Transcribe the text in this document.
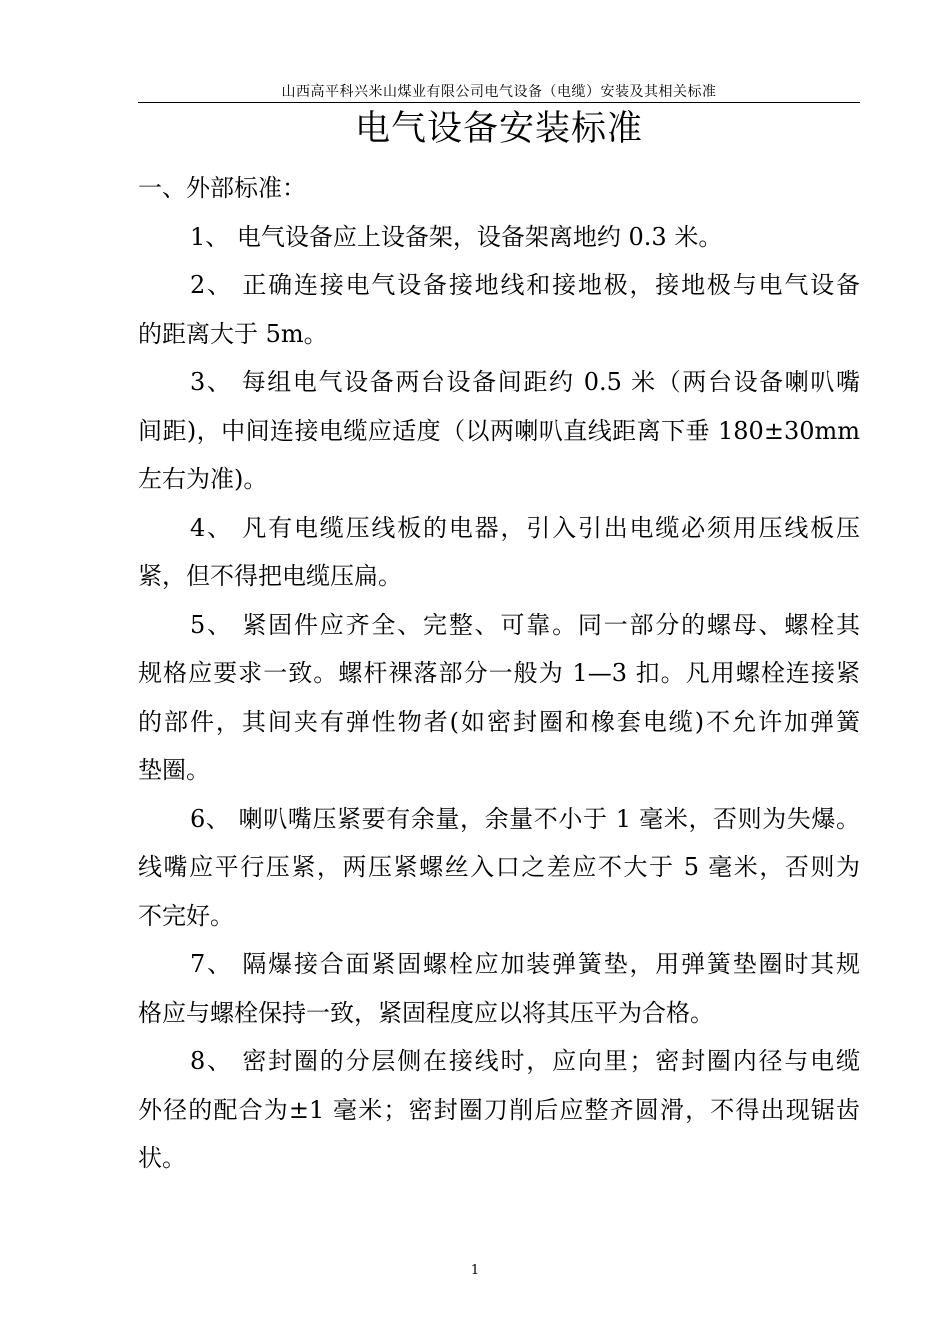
山西高平科兴米山煤业有限公司电气设备（电缆）安装及其相关标准
电气设备安装标准
一、外部标准：
1、 电气设备应上设备架，设备架离地约 0.3 米。
2、 正确连接电气设备接地线和接地极，接地极与电气设备
的距离大于 5m。
3、 每组电气设备两台设备间距约 0.5 米（两台设备喇叭嘴
间距)，中间连接电缆应适度（以两喇叭直线距离下垂 180±30mm
左右为准)。
4、 凡有电缆压线板的电器，引入引出电缆必须用压线板压
紧，但不得把电缆压扁。
5、 紧固件应齐全、完整、可靠。同一部分的螺母、螺栓其
规格应要求一致。螺杆裸落部分一般为 1—3 扣。凡用螺栓连接紧
的部件，其间夹有弹性物者(如密封圈和橡套电缆)不允许加弹簧
垫圈。
6、 喇叭嘴压紧要有余量，余量不小于 1 毫米，否则为失爆。
线嘴应平行压紧，两压紧螺丝入口之差应不大于 5 毫米，否则为
不完好。
7、 隔爆接合面紧固螺栓应加装弹簧垫，用弹簧垫圈时其规
格应与螺栓保持一致，紧固程度应以将其压平为合格。
8、 密封圈的分层侧在接线时，应向里；密封圈内径与电缆
外径的配合为±1 毫米；密封圈刀削后应整齐圆滑，不得出现锯齿
状。
1
